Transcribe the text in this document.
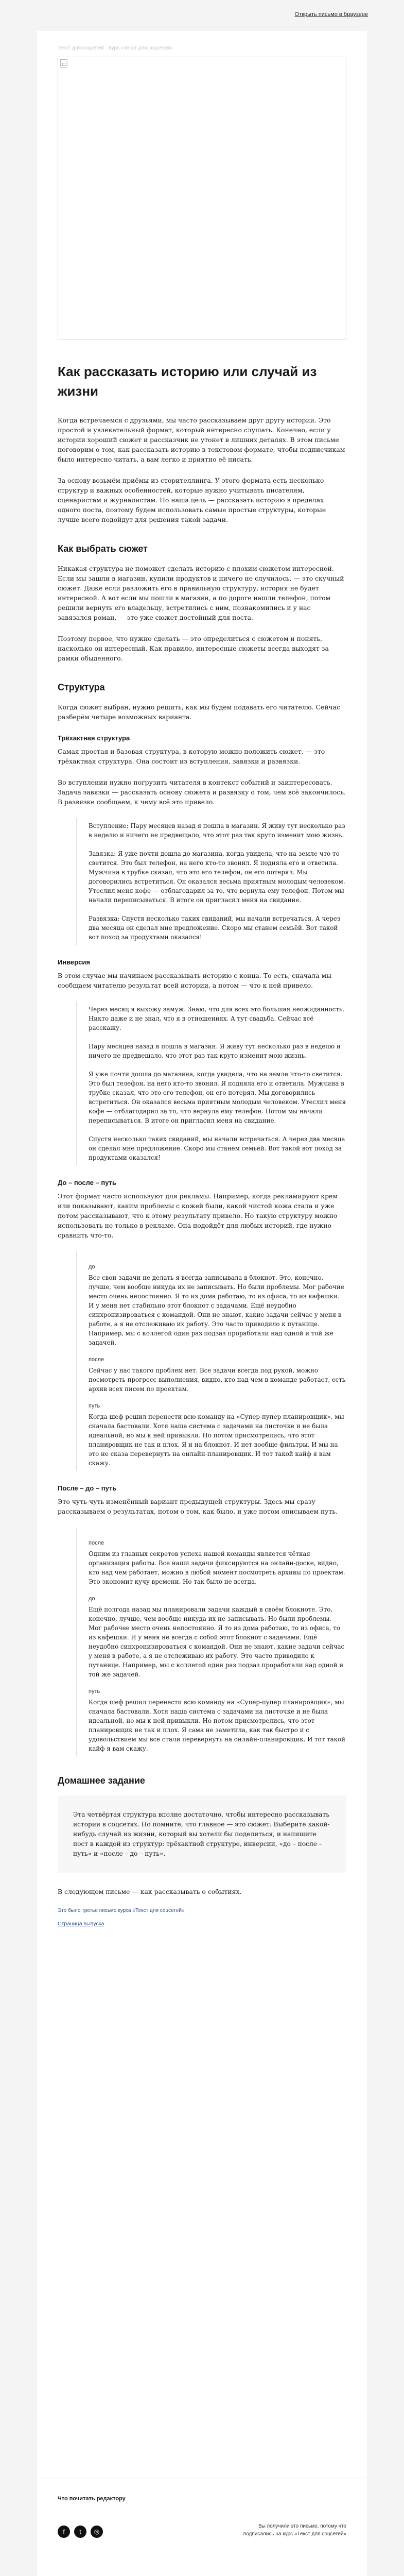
Открыть письмо в браузере
Текст для соцсетей · Курс «Текст для соцсетей»
Как рассказать историю или случай из жизни

Когда встречаемся с друзьями, мы часто рассказываем друг другу истории. Это простой и увлекательный формат, который интересно слушать. Конечно, если у истории хороший сюжет и рассказчик не утонет в лишних деталях. В этом письме поговорим о том, как рассказать историю в текстовом формате, чтобы подписчикам было интересно читать, а вам легко и приятно её писать.

За основу возьмём приёмы из сторителлинга. У этого формата есть несколько структур и важных особенностей, которые нужно учитывать писателям, сценаристам и журналистам. Но наша цель — рассказать историю в пределах одного поста, поэтому будем использовать самые простые структуры, которые лучше всего подойдут для решения такой задачи.

Как выбрать сюжет

Никакая структура не поможет сделать историю с плохим сюжетом интересной. Если мы зашли в магазин, купили продуктов и ничего не случилось, — это скучный сюжет. Даже если разложить его в правильную структуру, история не будет интересной. А вот если мы пошли в магазин, а по дороге нашли телефон, потом решили вернуть его владельцу, встретились с ним, познакомились и у нас завязался роман, — это уже сюжет достойный для поста.

Поэтому первое, что нужно сделать — это определиться с сюжетом и понять, насколько он интересный. Как правило, интересные сюжеты всегда выходят за рамки обыденного.

Структура

Когда сюжет выбран, нужно решить, как мы будем подавать его читателю. Сейчас разберём четыре возможных варианта.

Трёхактная структура

Самая простая и базовая структура, в которую можно положить сюжет, — это трёхактная структура. Она состоит из вступления, завязки и развязки.

Во вступлении нужно погрузить читателя в контекст событий и заинтересовать. Задача завязки — рассказать основу сюжета и развязку о том, чем всё закончилось. В развязке сообщаем, к чему всё это привело.

Вступление: Пару месяцев назад я пошла в магазин. Я живу тут несколько раз в неделю и ничего не предвещало, что этот раз так круто изменит мою жизнь.

Завязка: Я уже почти дошла до магазина, когда увидела, что на земле что-то светится. Это был телефон, на него кто-то звонил. Я подняла его и ответила. Мужчина в трубке сказал, что это его телефон, он его потерял. Мы договорились встретиться. Он оказался весьма приятным молодым человеком. Утеслил меня кофе — отблагодарил за то, что вернула ему телефон. Потом мы начали переписываться. В итоге он пригласил меня на свидание.

Развязка: Спустя несколько таких свиданий, мы начали встречаться. А через два месяца он сделал мне предложение. Скоро мы станем семьёй. Вот такой вот поход за продуктами оказался!

Инверсия

В этом случае мы начинаем рассказывать историю с конца. То есть, сначала мы сообщаем читателю результат всей истории, а потом — что к ней привело.

Через месяц я выхожу замуж. Знаю, что для всех это большая неожиданность. Никто даже и не знал, что я в отношениях. А тут свадьба. Сейчас всё расскажу.

Пару месяцев назад я пошла в магазин. Я живу тут несколько раз в неделю и ничего не предвещало, что этот раз так круто изменит мою жизнь.

Я уже почти дошла до магазина, когда увидела, что на земле что-то светится. Это был телефон, на него кто-то звонил. Я подняла его и ответила. Мужчина в трубке сказал, что это его телефон, он его потерял. Мы договорились встретиться. Он оказался весьма приятным молодым человеком. Утеслил меня кофе — отблагодарил за то, что вернула ему телефон. Потом мы начали переписываться. В итоге он пригласил меня на свидание.

Спустя несколько таких свиданий, мы начали встречаться. А через два месяца он сделал мне предложение. Скоро мы станем семьёй. Вот такой вот поход за продуктами оказался!

До – после – путь

Этот формат часто используют для рекламы. Например, когда рекламируют крем или показывают, каким проблемы с кожей были, какой чистой кожа стала и уже потом рассказывают, что к этому результату привело. Но такую структуру можно использовать не только в рекламе. Она подойдёт для любых историй, где нужно сравнить что-то.

до

Все свои задачи не делать я всегда записывала в блокнот. Это, конечно, лучше, чем вообще никуда их не записывать. Но были проблемы. Мог рабочие место очень непостоянно. Я то из дома работаю, то из офиса, то из кафешки. И у меня нет стабильно этот блокнот с задачами. Ещё неудобно синхронизироваться с командой. Они не знают, какие задачи сейчас у меня в работе, а я не отслеживаю их работу. Это часто приводило к путанице. Например, мы с коллегой один раз подзаз проработали над одной и той же задачей.

после

Сейчас у нас такого проблем нет. Все задачи всегда под рукой, можно посмотреть прогресс выполнения, видно, кто над чем в команде работает, есть архив всех писем по проектам.

путь

Когда шеф решил перенести всю команду на «Супер-пупер планировщик», мы сначала бастовали. Хотя наша система с задачами на листочке и не была идеальной, но мы к ней привыкли. Но потом присмотрелись, что этот планировщик не так и плох. Я и на блокнот. И нет вообще фильтры. И мы на это не сказа перевернуть на онлайн-планировщик. И тот такой кайф я вам скажу.

После – до – путь

Это чуть-чуть изменённый вариант предыдущей структуры. Здесь мы сразу рассказываем о результатах, потом о том, как было, и уже потом описываем путь.

после

Одним из главных секретов успеха нашей команды является чёткая организация работы. Все наши задачи фиксируются на онлайн-доске, видно, кто над чем работает, можно в любой момент посмотреть архивы по проектам. Это экономит кучу времени. Но так было не всегда.

до

Ещё полгода назад мы планировали задачи каждый в своём блокноте. Это, конечно, лучше, чем вообще никуда их не записывать. Но были проблемы. Мог рабочее место очень непостоянно. Я то из дома работаю, то из офиса, то из кафешки. И у меня не всегда с собой этот блокнот с задачами. Ещё неудобно синхронизироваться с командой. Они не знают, какие задачи сейчас у меня в работе, а я не отслеживаю их работу. Это часто приводило к путанице. Например, мы с коллегой один раз подзаз проработали над одной и той же задачей.

путь

Когда шеф решил перенести всю команду на «Супер-пупер планировщик», мы сначала бастовали. Хотя наша система с задачами на листочке и не была идеальной, но мы к ней привыкли. Но потом присмотрелись, что этот планировщик не так и плох. Я сама не заметила, как так быстро и с удовольствием мы все стали перевернуть на онлайн-планировщик. И тот такой кайф я вам скажу.

Домашнее задание

Эта четвёртая структура вполне достаточно, чтобы интересно рассказывать истории в соцсетях. Но помните, что главное — это сюжет. Выберите какой-нибудь случай из жизни, который вы хотели бы поделиться, и напишите пост в каждой из структур: трёхактной структуре, инверсии, «до – после – путь» и «после – до – путь».

В следующем письме — как рассказывать о событиях.

Это было третье письмо курса «Текст для соцсетей»
Страница выпуска
Что почитать редактору
f	t	◎
Вы получили это письмо, потому что подписались на курс «Текст для соцсетей»
